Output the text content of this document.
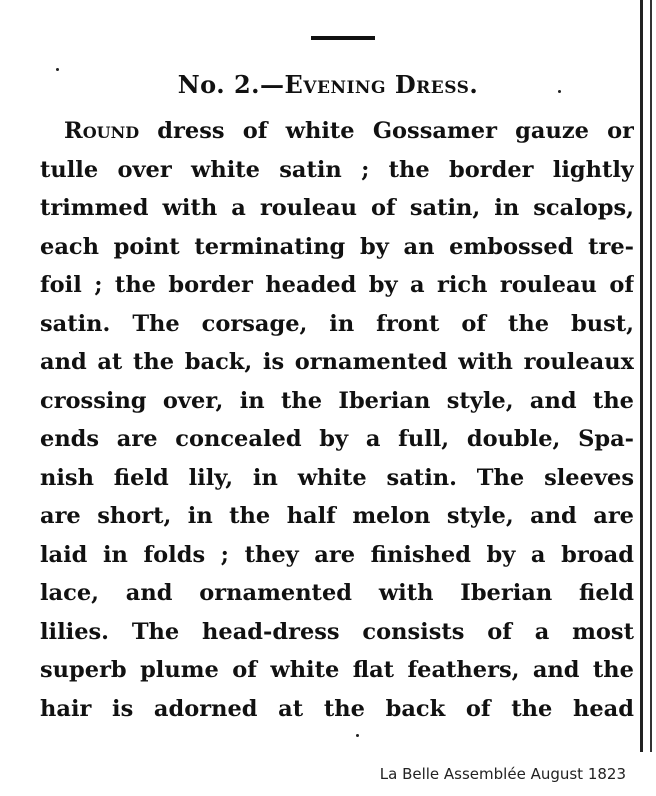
No. 2.—Evening Dress.
Round dress of white Gossamer gauze or
tulle over white satin ; the border lightly
trimmed with a rouleau of satin, in scalops,
each point terminating by an embossed tre-
foil ; the border headed by a rich rouleau of
satin. The corsage, in front of the bust,
and at the back, is ornamented with rouleaux
crossing over, in the Iberian style, and the
ends are concealed by a full, double, Spa-
nish field lily, in white satin. The sleeves
are short, in the half melon style, and are
laid in folds ; they are finished by a broad
lace, and ornamented with Iberian field
lilies. The head-dress consists of a most
superb plume of white flat feathers, and the
hair is adorned at the back of the head
La Belle Assemblée August 1823
